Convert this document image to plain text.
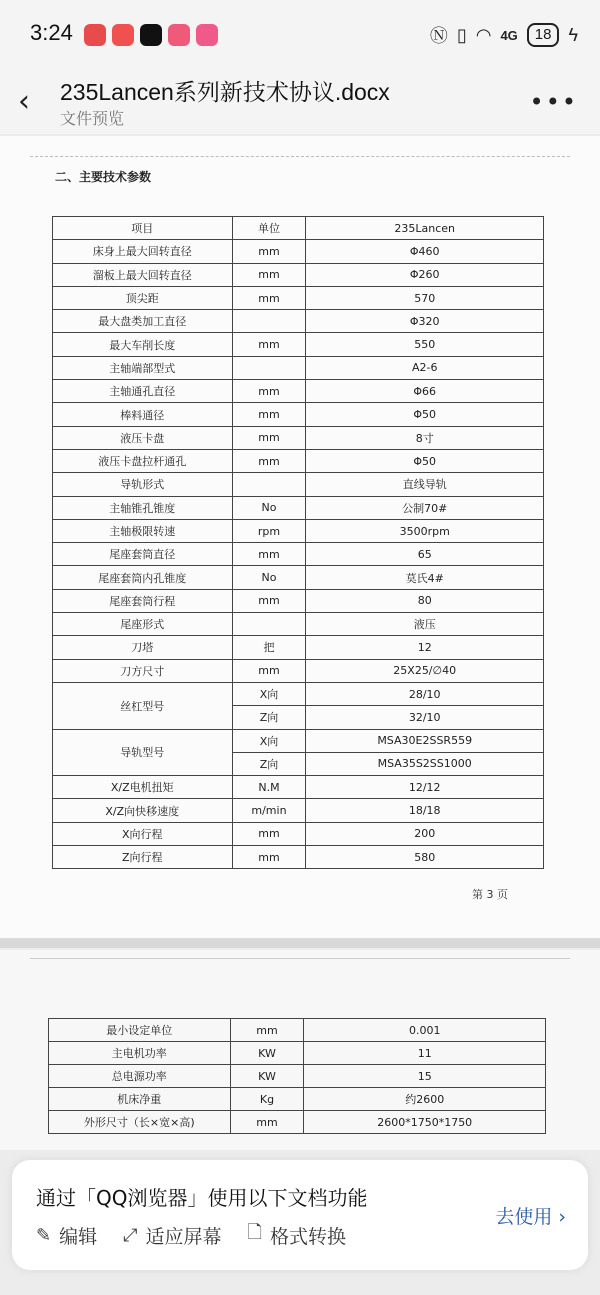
3:24	Ⓝ ▯ ◠ 4G	18 ϟ
‹ 235Lancen系列新技术协议.docx
文件预览
•••
二、主要技术参数
项目	单位	235Lancen
床身上最大回转直径	mm	Φ460
溜板上最大回转直径	mm	Φ260
顶尖距	mm	570
最大盘类加工直径		Φ320
最大车削长度	mm	550
主轴端部型式		A2-6
主轴通孔直径	mm	Φ66
棒料通径	mm	Φ50
液压卡盘	mm	8寸
液压卡盘拉杆通孔	mm	Φ50
导轨形式		直线导轨
主轴锥孔锥度	No	公制70#
主轴极限转速	rpm	3500rpm
尾座套筒直径	mm	65
尾座套筒内孔锥度	No	莫氏4#
尾座套筒行程	mm	80
尾座形式		液压
刀塔	把	12
刀方尺寸	mm	25X25/∅40
丝杠型号	X向	28/10
	Z向	32/10
导轨型号	X向	MSA30E2SSR559
	Z向	MSA35S2SS1000
X/Z电机扭矩	N.M	12/12
X/Z向快移速度	m/min	18/18
X向行程	mm	200
Z向行程	mm	580
第 3 页
最小设定单位	mm	0.001
主电机功率	KW	11
总电源功率	KW	15
机床净重	Kg	约2600
外形尺寸（长×宽×高)	mm	2600*1750*1750
通过「QQ浏览器」使用以下文档功能
✎ 编辑 ⤢ 适应屏幕 🗋 格式转换
去使用 ›
